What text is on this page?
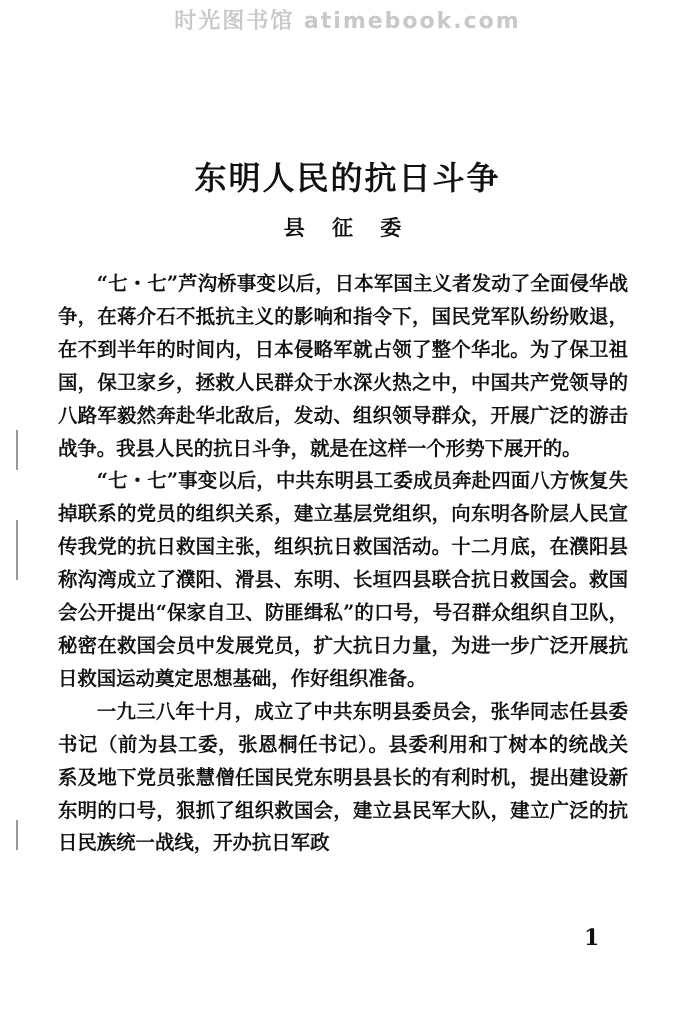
时光图书馆 atimebook.com
东明人民的抗日斗争
县 征 委

“七・七”芦沟桥事变以后，日本军国主义者发动了全面侵华战争，在蒋介石不抵抗主义的影响和指令下，国民党军队纷纷败退，在不到半年的时间内，日本侵略军就占领了整个华北。为了保卫祖国，保卫家乡，拯救人民群众于水深火热之中，中国共产党领导的八路军毅然奔赴华北敌后，发动、组织领导群众，开展广泛的游击战争。我县人民的抗日斗争，就是在这样一个形势下展开的。

“七・七”事变以后，中共东明县工委成员奔赴四面八方恢复失掉联系的党员的组织关系，建立基层党组织，向东明各阶层人民宣传我党的抗日救国主张，组织抗日救国活动。十二月底，在濮阳县称沟湾成立了濮阳、滑县、东明、长垣四县联合抗日救国会。救国会公开提出“保家自卫、防匪缉私”的口号，号召群众组织自卫队，秘密在救国会员中发展党员，扩大抗日力量，为进一步广泛开展抗日救国运动奠定思想基础，作好组织准备。

一九三八年十月，成立了中共东明县委员会，张华同志任县委书记（前为县工委，张恩桐任书记）。县委利用和丁树本的统战关系及地下党员张慧僧任国民党东明县县长的有利时机，提出建设新东明的口号，狠抓了组织救国会，建立县民军大队，建立广泛的抗日民族统一战线，开办抗日军政

1
